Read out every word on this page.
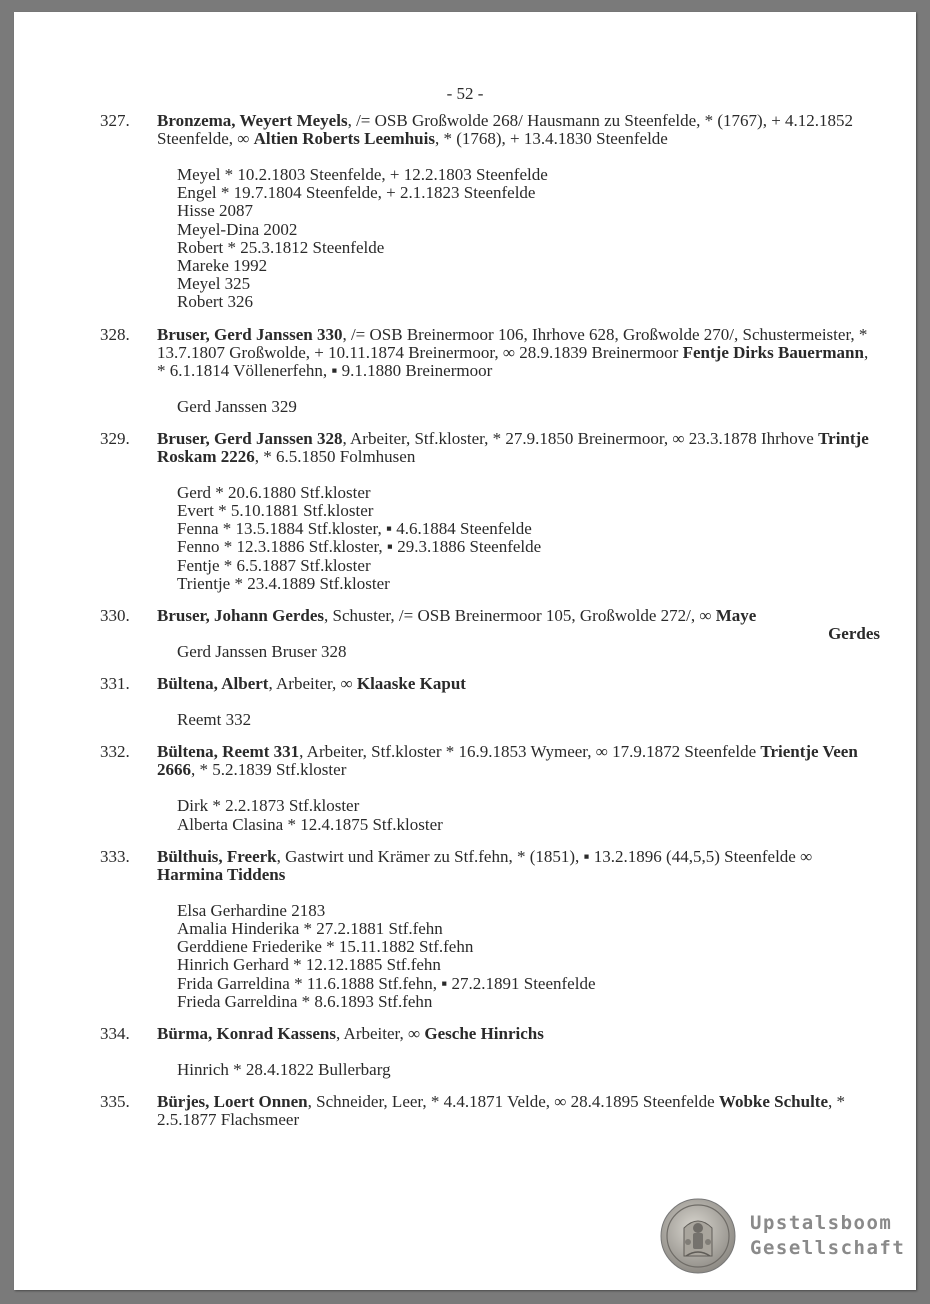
- 52 -
327.	Bronzema, Weyert Meyels, /= OSB Großwolde 268/ Hausmann zu Steenfelde, * (1767), + 4.12.1852 Steenfelde, ∞ Altien Roberts Leemhuis, * (1768), + 13.4.1830 Steenfelde
Meyel * 10.2.1803 Steenfelde, + 12.2.1803 Steenfelde
Engel * 19.7.1804 Steenfelde, + 2.1.1823 Steenfelde
Hisse 2087
Meyel-Dina 2002
Robert * 25.3.1812 Steenfelde
Mareke 1992
Meyel 325
Robert 326
328.	Bruser, Gerd Janssen 330, /= OSB Breinermoor 106, Ihrhove 628, Großwolde 270/, Schustermeister, * 13.7.1807 Großwolde, + 10.11.1874 Breinermoor, ∞ 28.9.1839 Breinermoor Fentje Dirks Bauermann, * 6.1.1814 Völlenerfehn, ▪ 9.1.1880 Breinermoor
Gerd Janssen 329
329.	Bruser, Gerd Janssen 328, Arbeiter, Stf.kloster, * 27.9.1850 Breinermoor, ∞ 23.3.1878 Ihrhove Trintje Roskam 2226, * 6.5.1850 Folmhusen
Gerd * 20.6.1880 Stf.kloster
Evert * 5.10.1881 Stf.kloster
Fenna * 13.5.1884 Stf.kloster, ▪ 4.6.1884 Steenfelde
Fenno * 12.3.1886 Stf.kloster, ▪ 29.3.1886 Steenfelde
Fentje * 6.5.1887 Stf.kloster
Trientje * 23.4.1889 Stf.kloster
330.	Bruser, Johann Gerdes, Schuster, /= OSB Breinermoor 105, Großwolde 272/, ∞ Maye
Gerdes
Gerd Janssen Bruser 328
331.	Bültena, Albert, Arbeiter, ∞ Klaaske Kaput
Reemt 332
332.	Bültena, Reemt 331, Arbeiter, Stf.kloster * 16.9.1853 Wymeer, ∞ 17.9.1872 Steenfelde Trientje Veen 2666, * 5.2.1839 Stf.kloster
Dirk * 2.2.1873 Stf.kloster
Alberta Clasina * 12.4.1875 Stf.kloster
333.	Bülthuis, Freerk, Gastwirt und Krämer zu Stf.fehn, * (1851), ▪ 13.2.1896 (44,5,5) Steenfelde ∞ Harmina Tiddens
Elsa Gerhardine 2183
Amalia Hinderika * 27.2.1881 Stf.fehn
Gerddiene Friederike * 15.11.1882 Stf.fehn
Hinrich Gerhard * 12.12.1885 Stf.fehn
Frida Garreldina * 11.6.1888 Stf.fehn, ▪ 27.2.1891 Steenfelde
Frieda Garreldina * 8.6.1893 Stf.fehn
334.	Bürma, Konrad Kassens, Arbeiter, ∞ Gesche Hinrichs
Hinrich * 28.4.1822 Bullerbarg
335.	Bürjes, Loert Onnen, Schneider, Leer, * 4.4.1871 Velde, ∞ 28.4.1895 Steenfelde Wobke Schulte, * 2.5.1877 Flachsmeer
Upstalsboom
Gesellschaft
